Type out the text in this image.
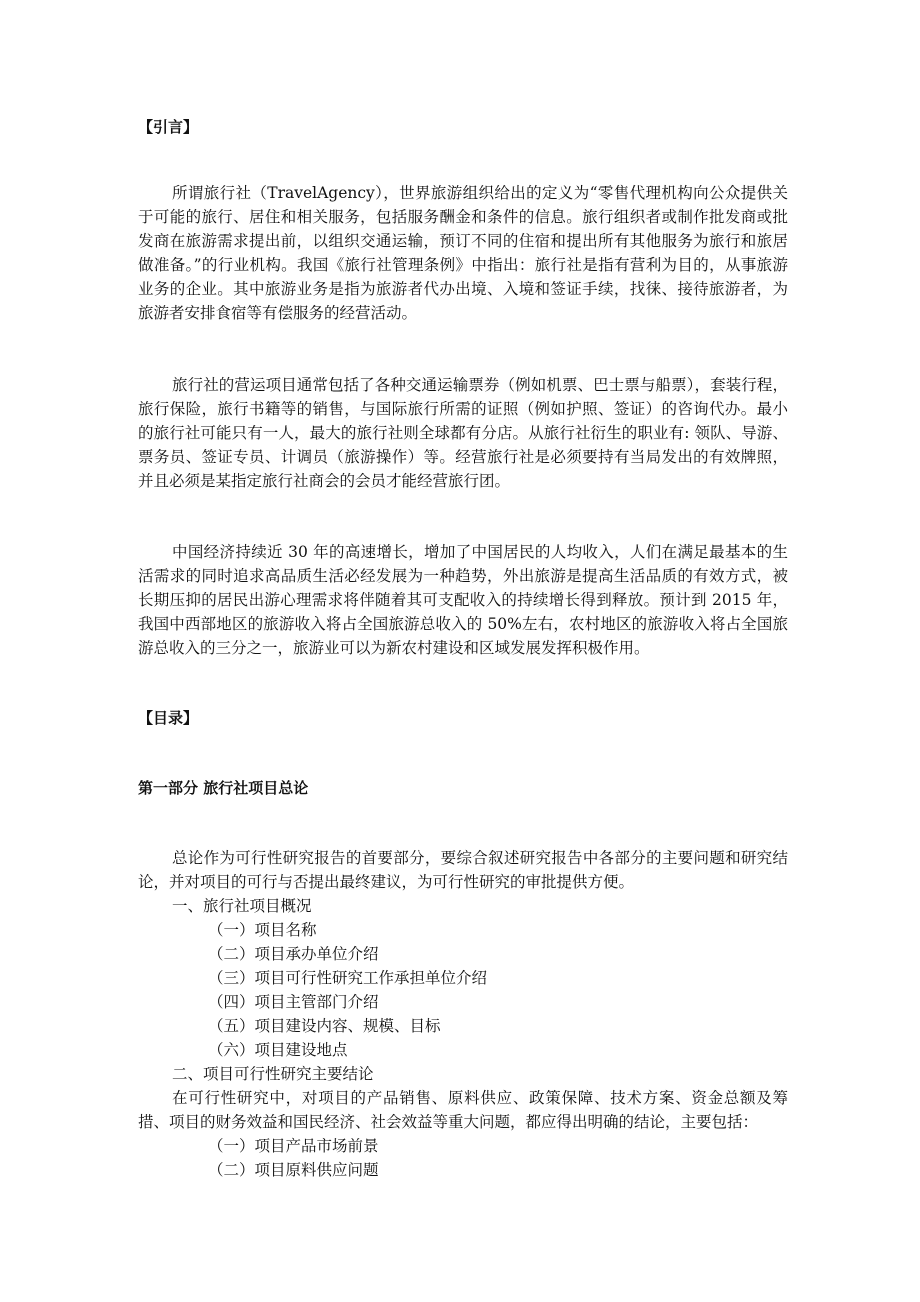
【引言】

所谓旅行社（TravelAgency），世界旅游组织给出的定义为“零售代理机构向公众提供关于可能的旅行、居住和相关服务，包括服务酬金和条件的信息。旅行组织者或制作批发商或批发商在旅游需求提出前，以组织交通运输，预订不同的住宿和提出所有其他服务为旅行和旅居做准备。”的行业机构。我国《旅行社管理条例》中指出：旅行社是指有营利为目的，从事旅游业务的企业。其中旅游业务是指为旅游者代办出境、入境和签证手续，找徕、接待旅游者，为旅游者安排食宿等有偿服务的经营活动。

旅行社的营运项目通常包括了各种交通运输票券（例如机票、巴士票与船票），套装行程，旅行保险，旅行书籍等的销售，与国际旅行所需的证照（例如护照、签证）的咨询代办。最小的旅行社可能只有一人，最大的旅行社则全球都有分店。从旅行社衍生的职业有: 领队、导游、票务员、签证专员、计调员（旅游操作）等。经营旅行社是必须要持有当局发出的有效牌照，并且必须是某指定旅行社商会的会员才能经营旅行团。

中国经济持续近 30 年的高速增长，增加了中国居民的人均收入，人们在满足最基本的生活需求的同时追求高品质生活必经发展为一种趋势，外出旅游是提高生活品质的有效方式，被长期压抑的居民出游心理需求将伴随着其可支配收入的持续增长得到释放。预计到 2015 年，我国中西部地区的旅游收入将占全国旅游总收入的 50%左右，农村地区的旅游收入将占全国旅游总收入的三分之一，旅游业可以为新农村建设和区域发展发挥积极作用。

【目录】
第一部分 旅行社项目总论

总论作为可行性研究报告的首要部分，要综合叙述研究报告中各部分的主要问题和研究结论，并对项目的可行与否提出最终建议，为可行性研究的审批提供方便。

一、旅行社项目概况
（一）项目名称
（二）项目承办单位介绍
（三）项目可行性研究工作承担单位介绍
（四）项目主管部门介绍
（五）项目建设内容、规模、目标
（六）项目建设地点
二、项目可行性研究主要结论

在可行性研究中，对项目的产品销售、原料供应、政策保障、技术方案、资金总额及筹措、项目的财务效益和国民经济、社会效益等重大问题，都应得出明确的结论，主要包括：

（一）项目产品市场前景
（二）项目原料供应问题
